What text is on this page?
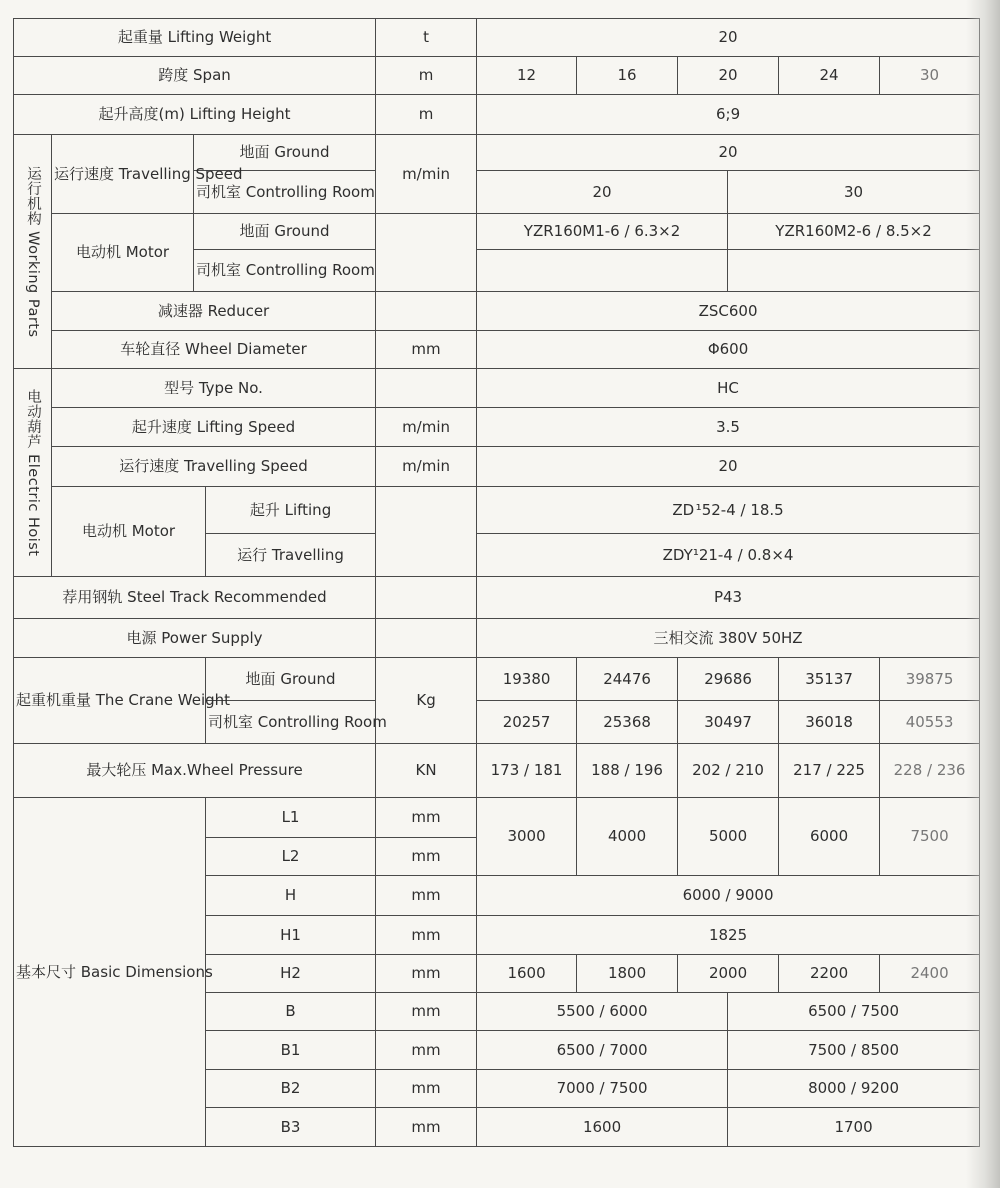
起重量 Lifting Weight				t	20					
跨度 Span				m	12	16	20		24	30
起升高度(m) Lifting Height				m	6;9					
运行机构 Working Parts	运行速度 Travelling Speed	地面 Ground		m/min	20					
		司机室 Controlling Room			20			30		
	电动机 Motor	地面 Ground			YZR160M1-6 / 6.3×2			YZR160M2-6 / 8.5×2		
		司机室 Controlling Room								
	减速器 Reducer				ZSC600					
	车轮直径 Wheel Diameter			mm	Φ600					
电动葫芦 Electric Hoist	型号 Type No.				HC					
	起升速度 Lifting Speed			m/min	3.5					
	运行速度 Travelling Speed			m/min	20					
	电动机 Motor		起升 Lifting		ZD ¹52-4 / 18.5					
			运行 Travelling		ZDY¹21-4 / 0.8×4					
荐用钢轨 Steel Track Recommended					P43					
电源 Power Supply					三相交流 380V 50HZ					
起重机重量 The Crane Weight			地面 Ground	Kg	19380	24476	29686		35137	39875
			司机室 Controlling Room		20257	25368	30497		36018	40553
最大轮压 Max.Wheel Pressure				KN	173 / 181	188 / 196	202 / 210		217 / 225	228 / 236
基本尺寸 Basic Dimensions			L1	mm	3000	4000	5000		6000	7500
			L2	mm						
			H	mm	6000 / 9000					
			H1	mm	1825					
			H2	mm	1600	1800	2000		2200	2400
			B	mm	5500 / 6000			6500 / 7500		
			B1	mm	6500 / 7000			7500 / 8500		
			B2	mm	7000 / 7500			8000 / 9200		
			B3	mm	1600			1700		
